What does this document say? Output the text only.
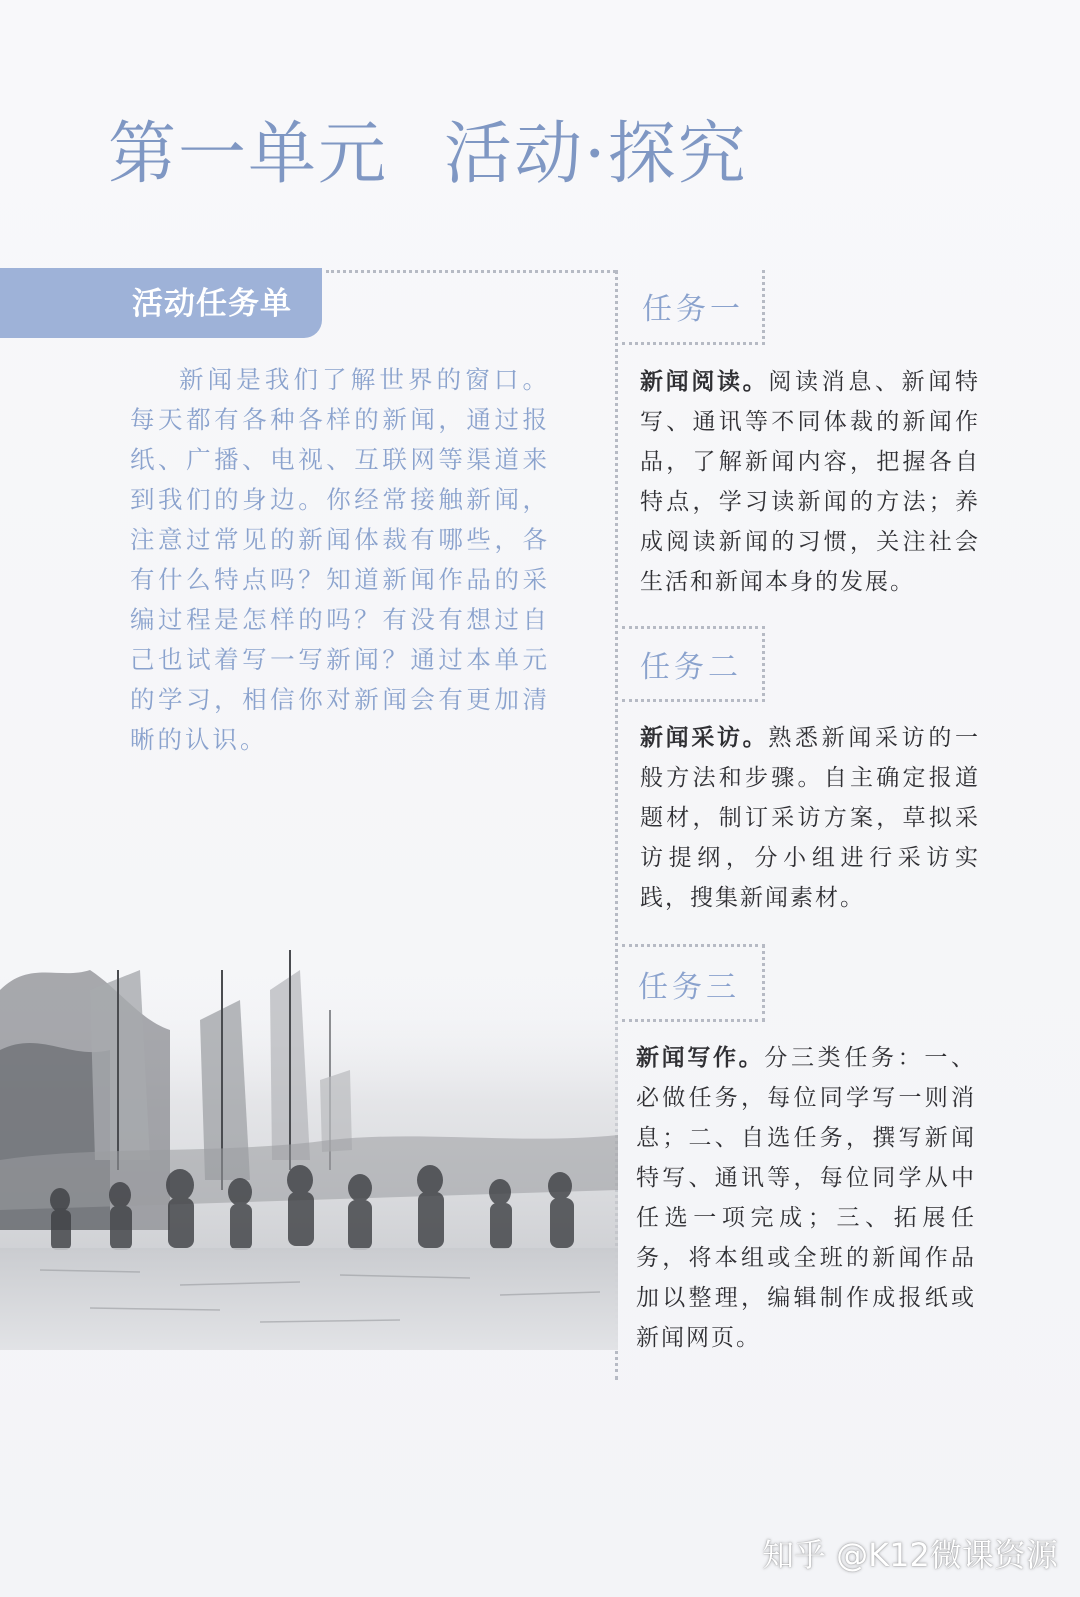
第一单元 活动·探究
活动任务单

新闻是我们了解世界的窗口。每天都有各种各样的新闻，通过报纸、广播、电视、互联网等渠道来到我们的身边。你经常接触新闻，注意过常见的新闻体裁有哪些，各有什么特点吗？知道新闻作品的采编过程是怎样的吗？有没有想过自己也试着写一写新闻？通过本单元的学习，相信你对新闻会有更加清晰的认识。

任务一

新闻阅读。阅读消息、新闻特写、通讯等不同体裁的新闻作品，了解新闻内容，把握各自特点，学习读新闻的方法；养成阅读新闻的习惯，关注社会生活和新闻本身的发展。

任务二

新闻采访。熟悉新闻采访的一般方法和步骤。自主确定报道题材，制订采访方案，草拟采访提纲，分小组进行采访实践，搜集新闻素材。

任务三

新闻写作。分三类任务：一、必做任务，每位同学写一则消息；二、自选任务，撰写新闻特写、通讯等，每位同学从中任选一项完成；三、拓展任务，将本组或全班的新闻作品加以整理，编辑制作成报纸或新闻网页。

知乎 @K12微课资源
